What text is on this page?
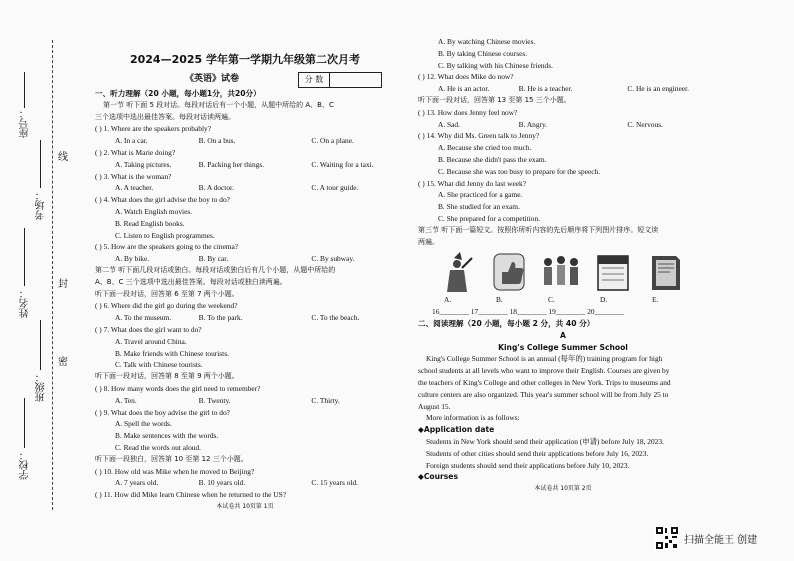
线
封
密
座号：
考场：
姓名：
班级：
学校：
2024—2025 学年第一学期九年级第二次月考
《英语》试卷	分 数
一、听力理解（20 小题，每小题1分，共20分）
第一节 听下面 5 段对话。每段对话后有一个小题，从题中所给的 A、B、C
三个选项中选出最佳答案。每段对话读两遍。
( ) 1. Where are the speakers probably?
A. In a car.	B. On a bus.	C. On a plane.
( ) 2. What is Marie doing?
A. Taking pictures.	B. Packing her things.	C. Waiting for a taxi.
( ) 3. What is the woman?
A. A teacher.	B. A doctor.	C. A tour guide.
( ) 4. What does the girl advise the boy to do?
A. Watch English movies.
B. Read English books.
C. Listen to English programmes.
( ) 5. How are the speakers going to the cinema?
A. By bike.	B. By car.	C. By subway.
第二节 听下面几段对话或独白。每段对话或独白后有几个小题，从题中所给的
A、B、C 三个选项中选出最佳答案。每段对话或独白读两遍。
听下面一段对话，回答第 6 至第 7 两个小题。
( ) 6. Where did the girl go during the weekend?
A. To the museum.	B. To the park.	C. To the beach.
( ) 7. What does the girl want to do?
A. Travel around China.
B. Make friends with Chinese tourists.
C. Talk with Chinese tourists.
听下面一段对话，回答第 8 至第 9 两个小题。
( ) 8. How many words does the girl need to remember?
A. Ten.	B. Twenty.	C. Thirty.
( ) 9. What does the boy advise the girl to do?
A. Spell the words.
B. Make sentences with the words.
C. Read the words out aloud.
听下面一段独白，回答第 10 至第 12 三个小题。
( ) 10. How old was Mike when he moved to Beijing?
A. 7 years old.	B. 10 years old.	C. 15 years old.
( ) 11. How did Mike learn Chinese when he returned to the US?
本试卷共 10页第 1页
A. By watching Chinese movies.
B. By taking Chinese courses.
C. By talking with his Chinese friends.
( ) 12. What does Mike do now?
A. He is an actor.	B. He is a teacher.	C. He is an engineer.
听下面一段对话，回答第 13 至第 15 三个小题。
( ) 13. How does Jenny feel now?
A. Sad.	B. Angry.	C. Nervous.
( ) 14. Why did Ms. Green talk to Jenny?
A. Because she cried too much.
B. Because she didn't pass the exam.
C. Because she was too busy to prepare for the speech.
( ) 15. What did Jenny do last week?
A. She practiced for a game.
B. She studied for an exam.
C. She prepared for a competition.
第三节 听下面一篇短文。按照你所听内容的先后顺序将下列图片排序。短文读
两遍。
A.	B.	C.	D.	E.
16________ 17________ 18________ 19________ 20________
二、阅读理解（20 小题，每小题 2 分，共 40 分）
A
King's College Summer School
King's College Summer School is an annual (每年的) training program for high
school students at all levels who want to improve their English. Courses are given by
the teachers of King's College and other colleges in New York. Trips to museums and
culture centers are also organized. This year's summer school will be from July 25 to
August 15.
More information is as follows:
◆Application date
Students in New York should send their application (申请) before July 18, 2023.
Students of other cities should send their applications before July 16, 2023.
Foreign students should send their applications before July 10, 2023.
◆Courses
本试卷共 10页第 2页
扫描全能王 创建
